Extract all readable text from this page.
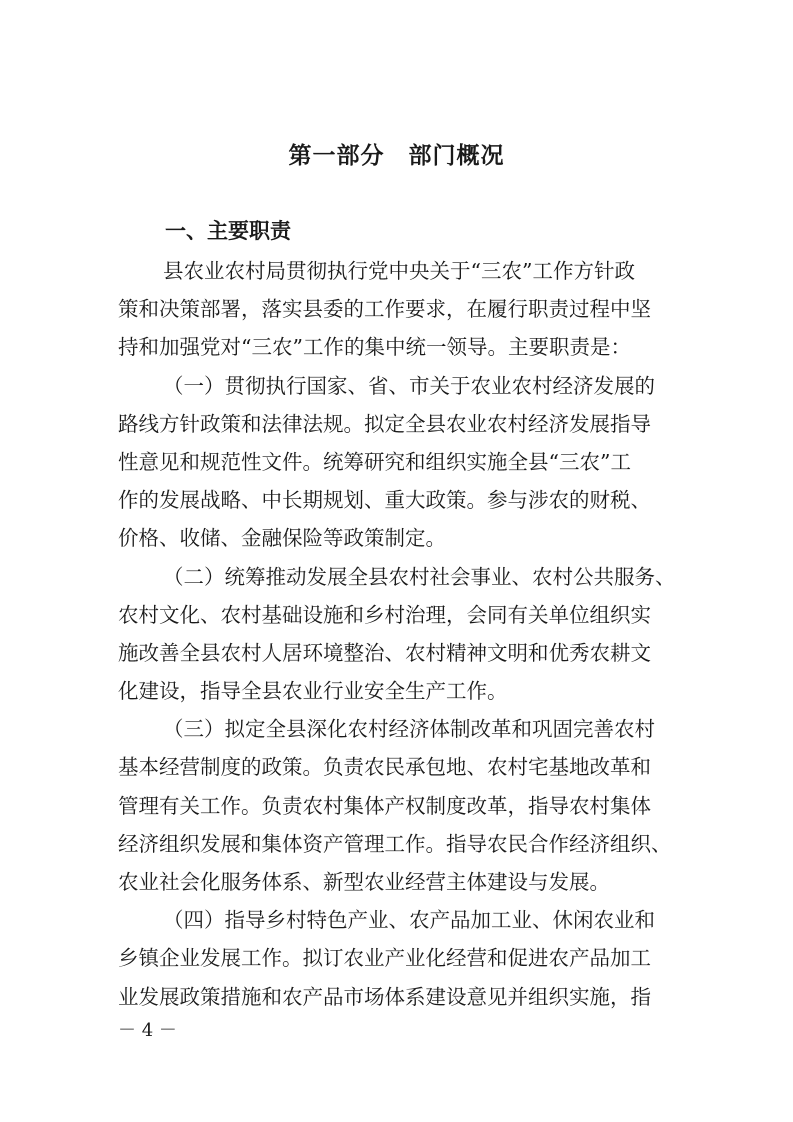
第一部分　部门概况
一、主要职责
县农业农村局贯彻执行党中央关于“三农”工作方针政
策和决策部署，落实县委的工作要求，在履行职责过程中坚
持和加强党对“三农”工作的集中统一领导。主要职责是：
（一）贯彻执行国家、省、市关于农业农村经济发展的
路线方针政策和法律法规。拟定全县农业农村经济发展指导
性意见和规范性文件。统筹研究和组织实施全县“三农”工
作的发展战略、中长期规划、重大政策。参与涉农的财税、
价格、收储、金融保险等政策制定。
（二）统筹推动发展全县农村社会事业、农村公共服务、
农村文化、农村基础设施和乡村治理，会同有关单位组织实
施改善全县农村人居环境整治、农村精神文明和优秀农耕文
化建设，指导全县农业行业安全生产工作。
（三）拟定全县深化农村经济体制改革和巩固完善农村
基本经营制度的政策。负责农民承包地、农村宅基地改革和
管理有关工作。负责农村集体产权制度改革，指导农村集体
经济组织发展和集体资产管理工作。指导农民合作经济组织、
农业社会化服务体系、新型农业经营主体建设与发展。
（四）指导乡村特色产业、农产品加工业、休闲农业和
乡镇企业发展工作。拟订农业产业化经营和促进农产品加工
业发展政策措施和农产品市场体系建设意见并组织实施，指
－ 4 －
